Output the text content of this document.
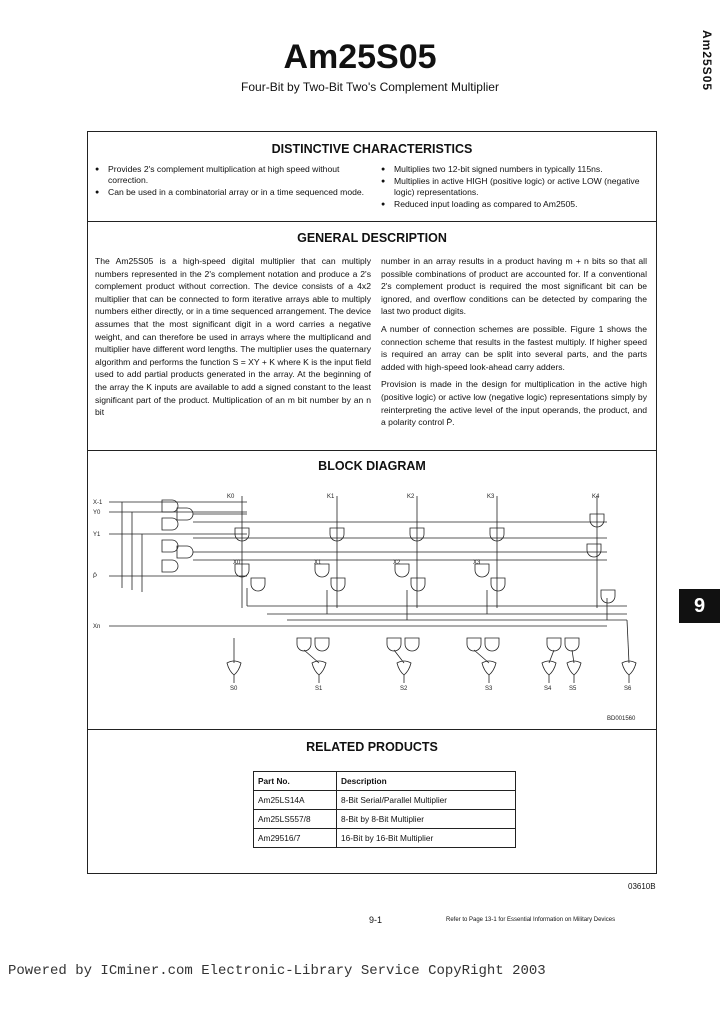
Am25S05
Four-Bit by Two-Bit Two's Complement Multiplier	Am25S05
9
DISTINCTIVE CHARACTERISTICS
● Provides 2's complement multiplication at high speed without correction.
● Can be used in a combinatorial array or in a time sequenced mode.
● Multiplies two 12-bit signed numbers in typically 115ns.
● Multiplies in active HIGH (positive logic) or active LOW (negative logic) representations.
● Reduced input loading as compared to Am2505.
GENERAL DESCRIPTION

The Am25S05 is a high-speed digital multiplier that can multiply numbers represented in the 2's complement notation and produce a 2's complement product without correction. The device consists of a 4x2 multiplier that can be connected to form iterative arrays able to multiply numbers either directly, or in a time sequenced arrangement. The device assumes that the most significant digit in a word carries a negative weight, and can therefore be used in arrays where the multiplicand and multiplier have different word lengths. The multiplier uses the quaternary algorithm and performs the function S = XY + K where K is the input field used to add partial products generated in the array. At the beginning of the array the K inputs are available to add a signed constant to the least significant part of the product. Multiplication of an m bit number by an n bit

number in an array results in a product having m + n bits so that all possible combinations of product are accounted for. If a conventional 2's complement product is required the most significant bit can be ignored, and overflow conditions can be detected by comparing the last two product digits.

A number of connection schemes are possible. Figure 1 shows the connection scheme that results in the fastest multiply. If higher speed is required an array can be split into several parts, and the parts added with high-speed look-ahead carry adders.

Provision is made in the design for multiplication in the active high (positive logic) or active low (negative logic) representations simply by reinterpreting the active level of the input operands, the product, and a polarity control P̄.

BLOCK DIAGRAM
X-1
Y0
Y1
P̄
Xn
K0	K1	K2	K3	K4
X0	X1	X2	X3
S0	S1	S2	S3	S4	S5	S6
BD001560
RELATED PRODUCTS
Part No.	Description
Am25LS14A	8-Bit Serial/Parallel Multiplier
Am25LS557/8	8-Bit by 8-Bit Multiplier
Am29516/7	16-Bit by 16-Bit Multiplier
03610B
9-1	Refer to Page 13-1 for Essential Information on Military Devices
Powered by ICminer.com Electronic-Library Service CopyRight 2003
